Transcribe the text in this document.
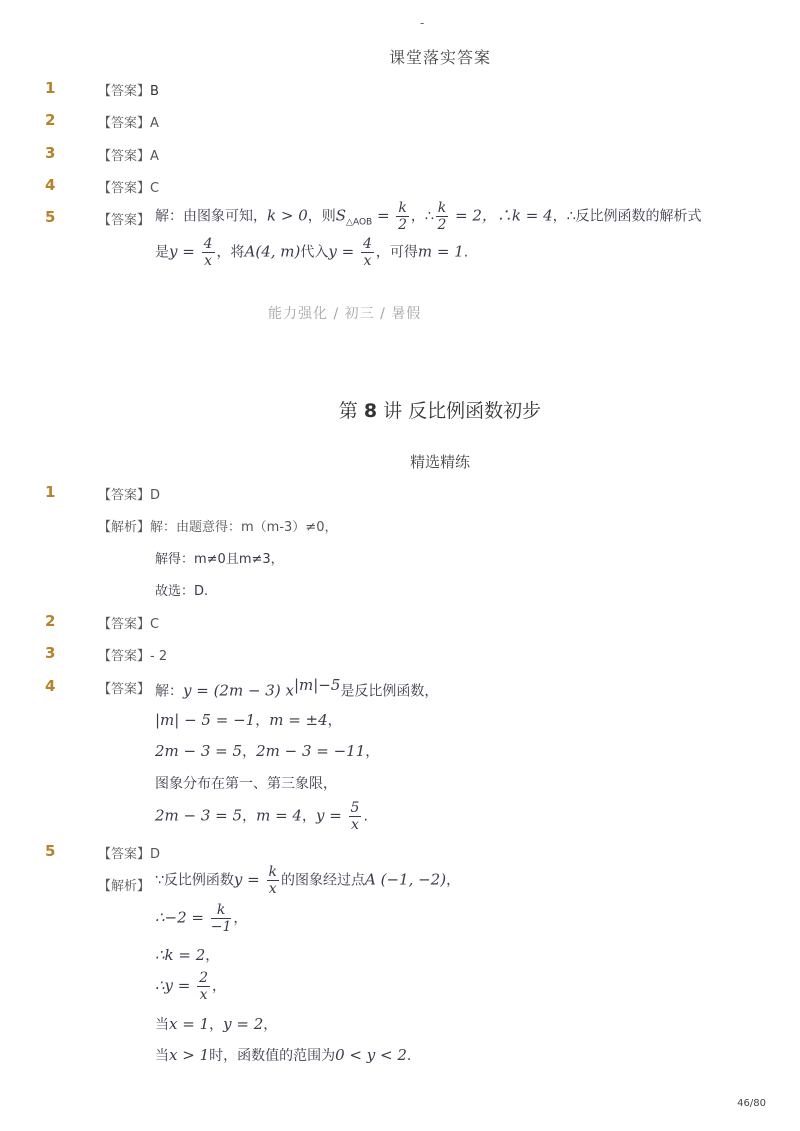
-
课堂落实答案
1	【答案】B
2	【答案】A
3	【答案】A
4	【答案】C
5	【答案】 解：由图象可知，k > 0，则$S_{\triangle AOB} = \frac{k}{2}$ ，∴ $\frac{k}{2} = 2$，∴k = 4，∴反比例函数的解析式
是$y = \frac{4}{x}$ ，将A(4, m)代入$y = \frac{4}{x}$ ，可得m = 1.
能力强化 / 初三 / 暑假
第 8 讲 反比例函数初步
精选精练
1	【答案】D
【解析】解：由题意得：m（m-3）≠0，
解得：m≠0且m≠3，
故选：D.
2	【答案】C
3	【答案】- 2
4	【答案】 解：y = (2m − 3) $x^{|m|-5}$是反比例函数，
|m| − 5 = −1，m = ±4，
2m − 3 = 5，2m − 3 = −11，
图象分布在第一、第三象限，
2m − 3 = 5，m = 4，$y = \frac{5}{x}$ .
5	【答案】D
【解析】 ∵反比例函数$y = \frac{k}{x}$ 的图象经过点A (−1, −2)，
∴−2 = $\frac{k}{-1}$ ，
∴k = 2，
∴y = $\frac{2}{x}$ ，
当x = 1，y = 2，
当x > 1时，函数值的范围为0 < y < 2.
46/80
